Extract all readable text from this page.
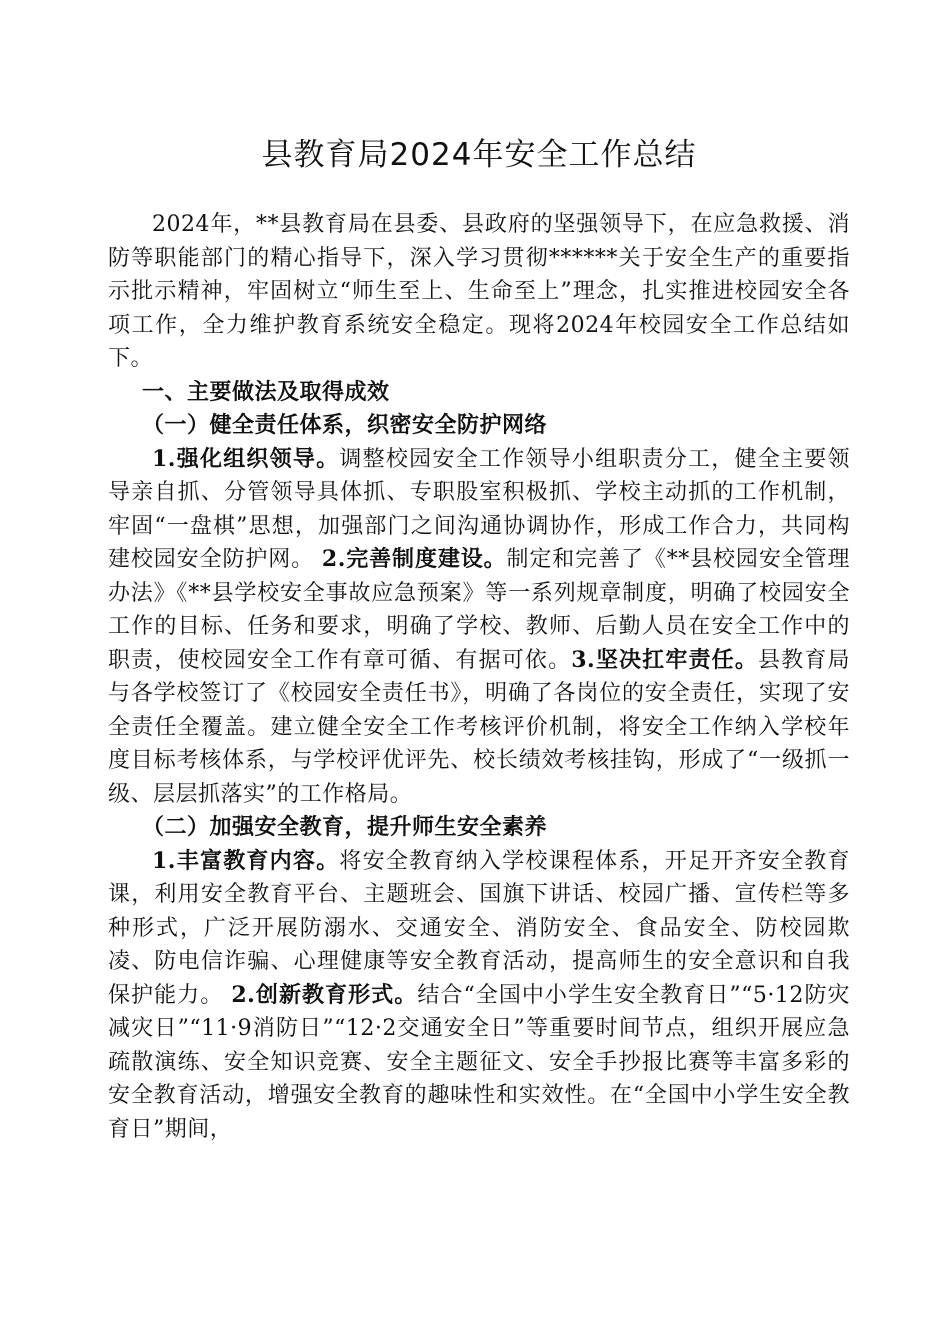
县教育局2024年安全工作总结

2024年，**县教育局在县委、县政府的坚强领导下，在应急救援、消防等职能部门的精心指导下，深入学习贯彻******关于安全生产的重要指示批示精神，牢固树立“师生至上、生命至上”理念，扎实推进校园安全各项工作，全力维护教育系统安全稳定。现将2024年校园安全工作总结如下。

一、主要做法及取得成效

（一）健全责任体系，织密安全防护网络

1.强化组织领导。调整校园安全工作领导小组职责分工，健全主要领导亲自抓、分管领导具体抓、专职股室积极抓、学校主动抓的工作机制，牢固“一盘棋”思想，加强部门之间沟通协调协作，形成工作合力，共同构建校园安全防护网。 2.完善制度建设。制定和完善了《**县校园安全管理办法》《**县学校安全事故应急预案》等一系列规章制度，明确了校园安全工作的目标、任务和要求，明确了学校、教师、后勤人员在安全工作中的职责，使校园安全工作有章可循、有据可依。3.坚决扛牢责任。县教育局与各学校签订了《校园安全责任书》，明确了各岗位的安全责任，实现了安全责任全覆盖。建立健全安全工作考核评价机制，将安全工作纳入学校年度目标考核体系，与学校评优评先、校长绩效考核挂钩，形成了“一级抓一级、层层抓落实”的工作格局。

（二）加强安全教育，提升师生安全素养

1.丰富教育内容。将安全教育纳入学校课程体系，开足开齐安全教育课，利用安全教育平台、主题班会、国旗下讲话、校园广播、宣传栏等多种形式，广泛开展防溺水、交通安全、消防安全、食品安全、防校园欺凌、防电信诈骗、心理健康等安全教育活动，提高师生的安全意识和自我保护能力。 2.创新教育形式。结合“全国中小学生安全教育日”“5·12防灾减灾日”“11·9消防日”“12·2交通安全日”等重要时间节点，组织开展应急疏散演练、安全知识竞赛、安全主题征文、安全手抄报比赛等丰富多彩的安全教育活动，增强安全教育的趣味性和实效性。在“全国中小学生安全教育日”期间，
